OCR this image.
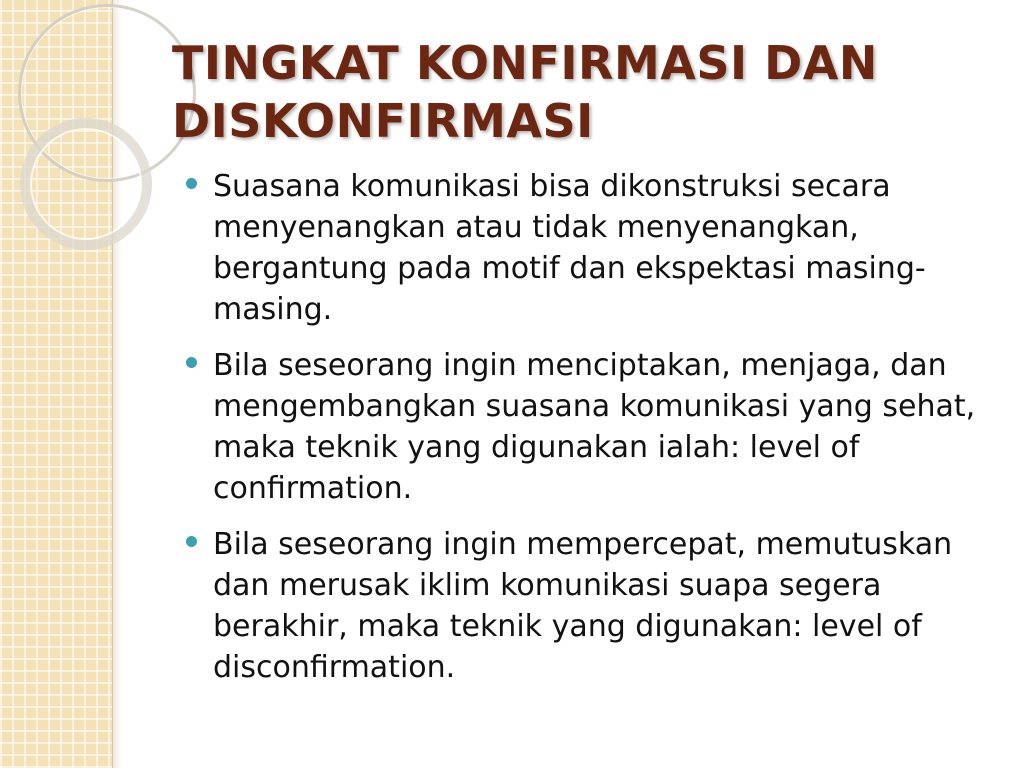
TINGKAT KONFIRMASI DAN DISKONFIRMASI
Suasana komunikasi bisa dikonstruksi secara menyenangkan atau tidak menyenangkan, bergantung pada motif dan ekspektasi masing-masing.
Bila seseorang ingin menciptakan, menjaga, dan mengembangkan suasana komunikasi yang sehat, maka teknik yang digunakan ialah: level of confirmation.
Bila seseorang ingin mempercepat, memutuskan dan merusak iklim komunikasi suapa segera berakhir, maka teknik yang digunakan: level of disconfirmation.
